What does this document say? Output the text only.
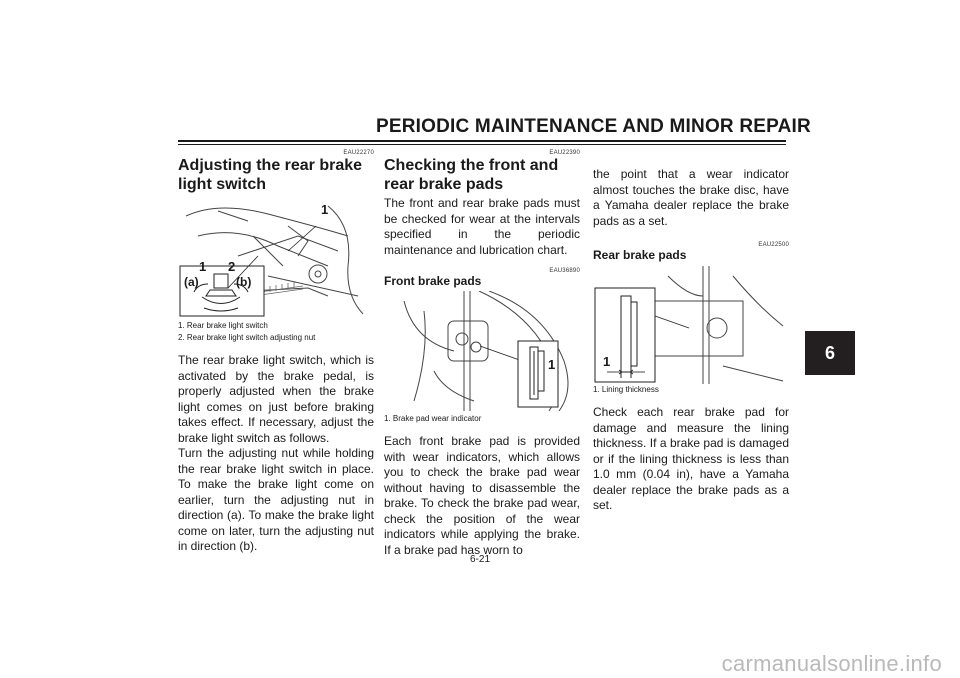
PERIODIC MAINTENANCE AND MINOR REPAIR
6
EAU22270
Adjusting the rear brake light switch
1
1 2
(a)	(b)

1. Rear brake light switch

2. Rear brake light switch adjusting nut

The rear brake light switch, which is activated by the brake pedal, is properly adjusted when the brake light comes on just before braking takes effect. If necessary, adjust the brake light switch as follows.

Turn the adjusting nut while holding the rear brake light switch in place. To make the brake light come on earlier, turn the adjusting nut in direction (a). To make the brake light come on later, turn the adjusting nut in direction (b).

EAU22390
Checking the front and rear brake pads

The front and rear brake pads must be checked for wear at the intervals specified in the periodic maintenance and lubrication chart.

EAU36890
Front brake pads
1

1. Brake pad wear indicator

Each front brake pad is provided with wear indicators, which allows you to check the brake pad wear without having to disassemble the brake. To check the brake pad wear, check the position of the wear indicators while applying the brake. If a brake pad has worn to

the point that a wear indicator almost touches the brake disc, have a Yamaha dealer replace the brake pads as a set.

EAU22500
Rear brake pads
1

1. Lining thickness

Check each rear brake pad for damage and measure the lining thickness. If a brake pad is damaged or if the lining thickness is less than 1.0 mm (0.04 in), have a Yamaha dealer replace the brake pads as a set.

6-21
carmanualsonline.info
